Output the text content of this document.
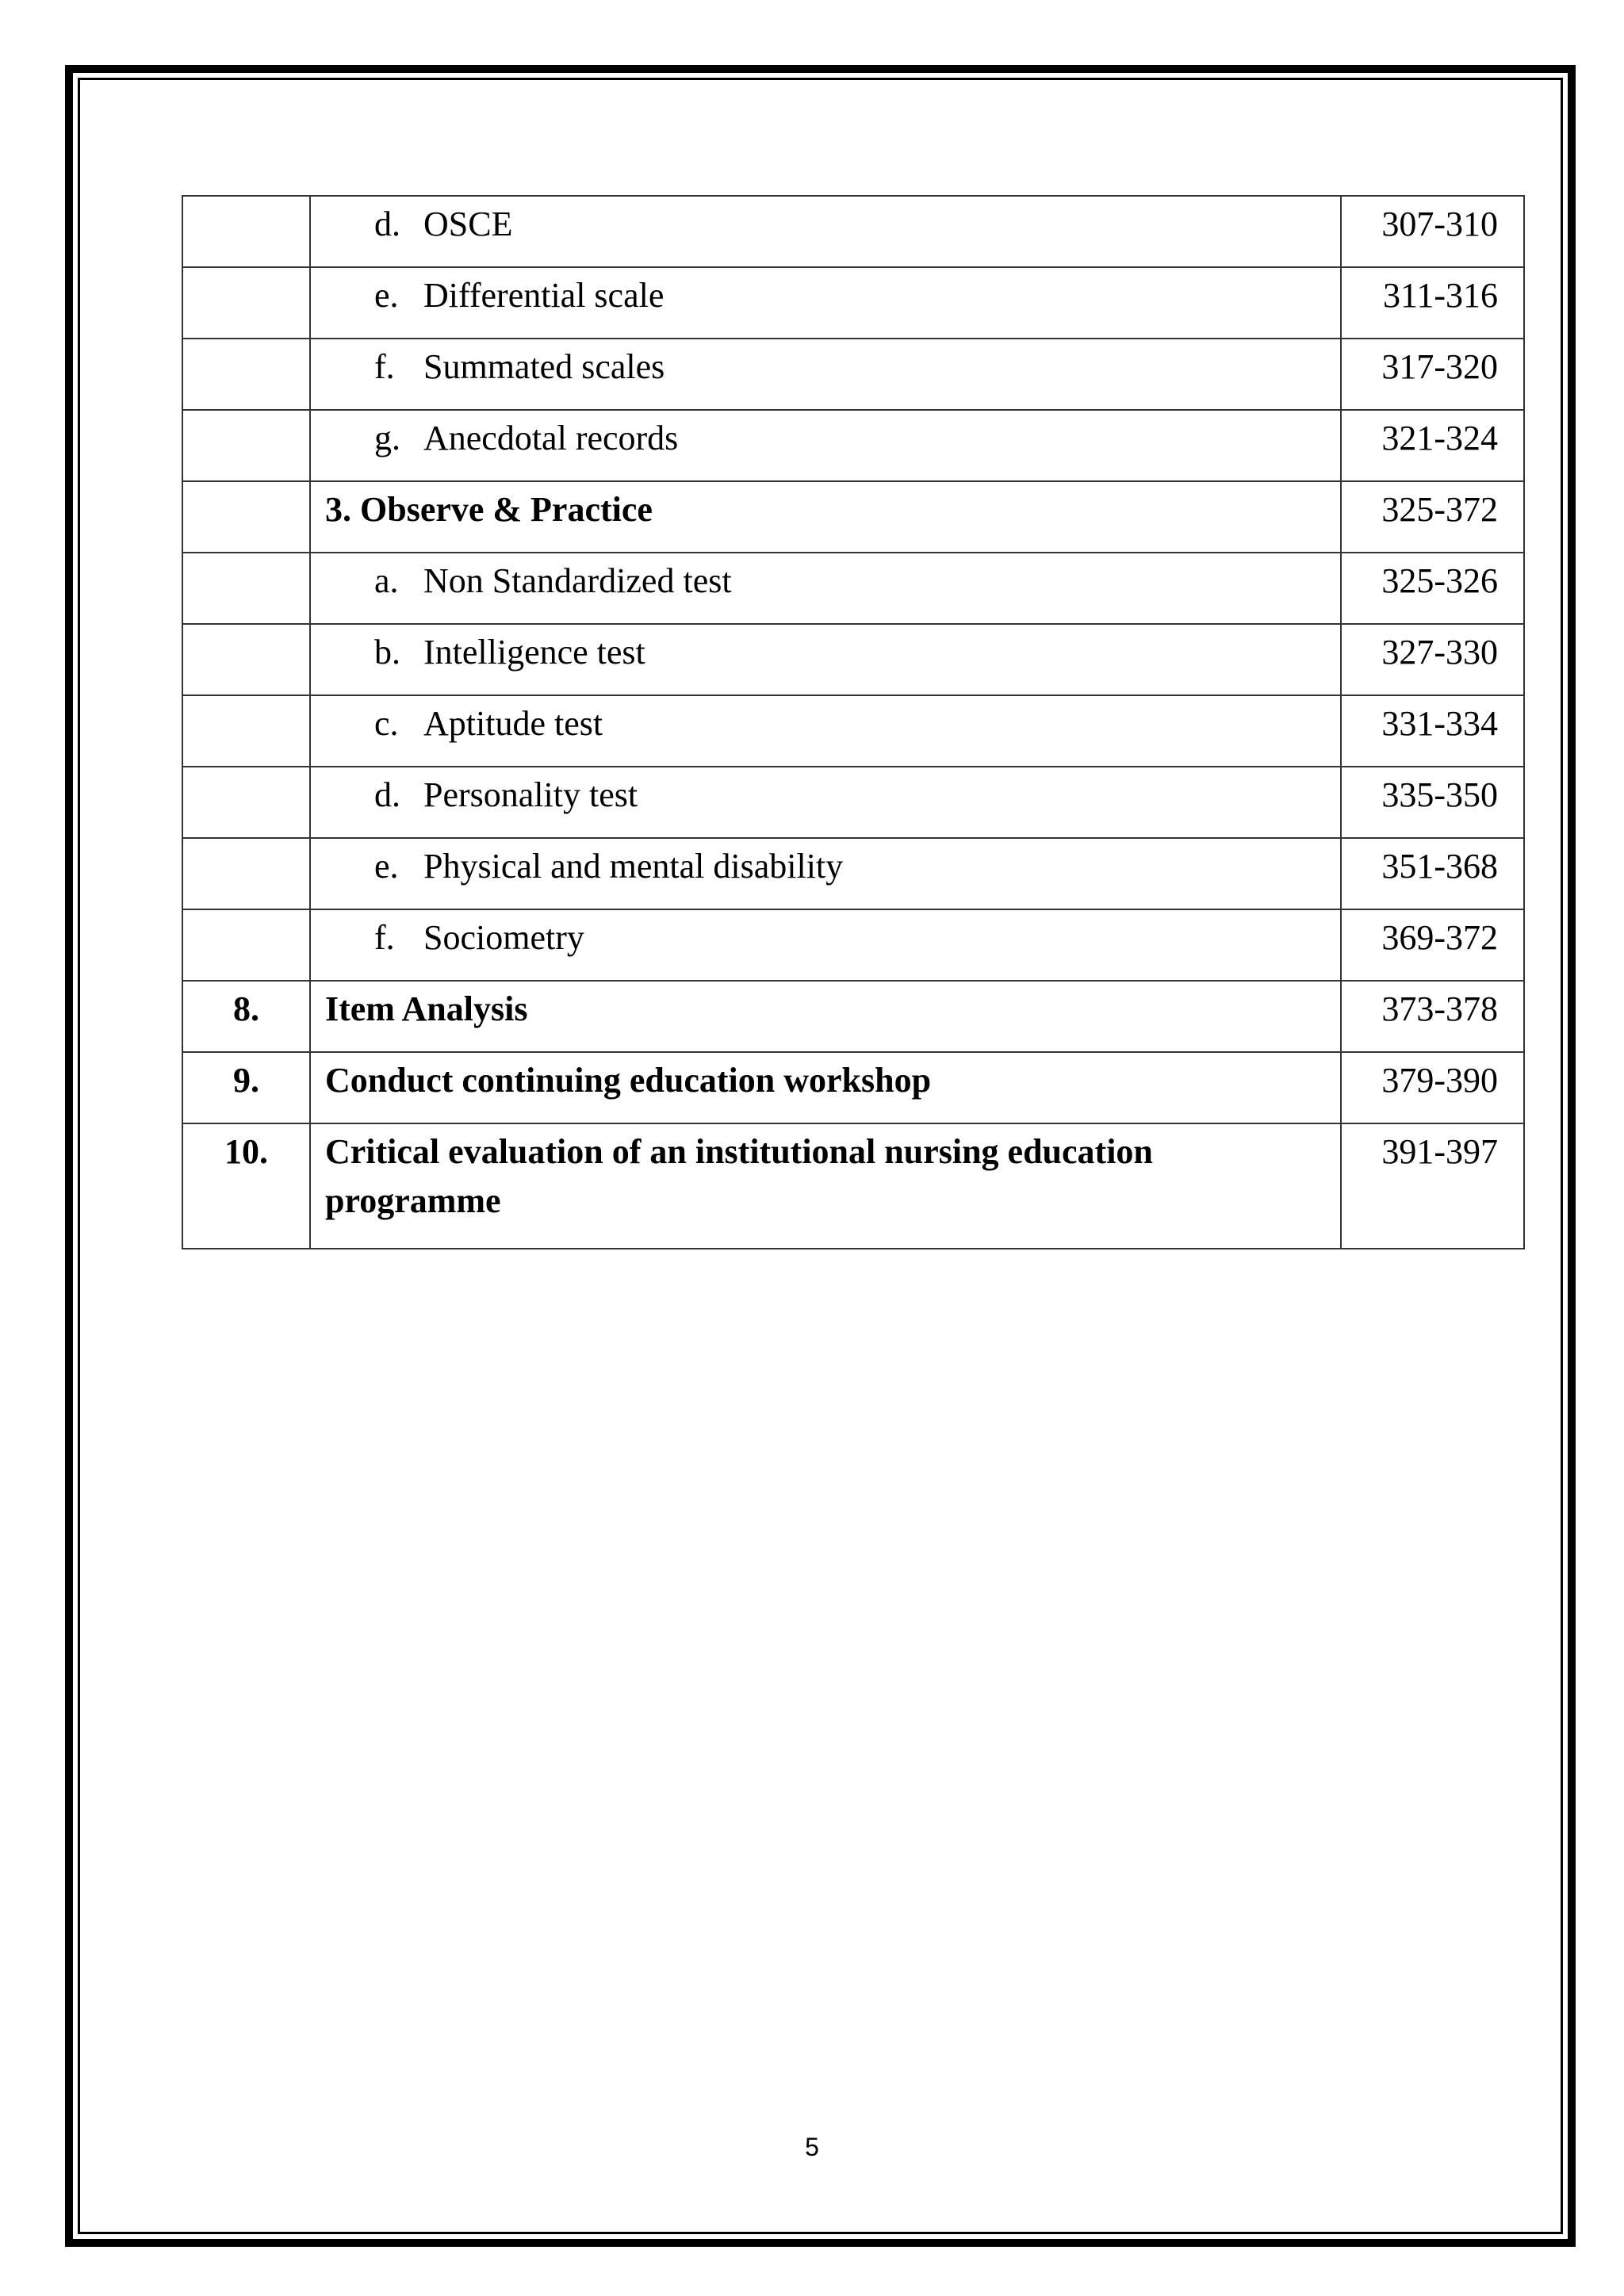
	d. OSCE	307-310
	e. Differential scale	311-316
	f. Summated scales	317-320
	g. Anecdotal records	321-324
	3. Observe & Practice	325-372
	a. Non Standardized test	325-326
	b. Intelligence test	327-330
	c. Aptitude test	331-334
	d. Personality test	335-350
	e. Physical and mental disability	351-368
	f. Sociometry	369-372
8.	Item Analysis	373-378
9.	Conduct continuing education workshop	379-390
10.	Critical evaluation of an institutional nursing education programme	391-397
5
